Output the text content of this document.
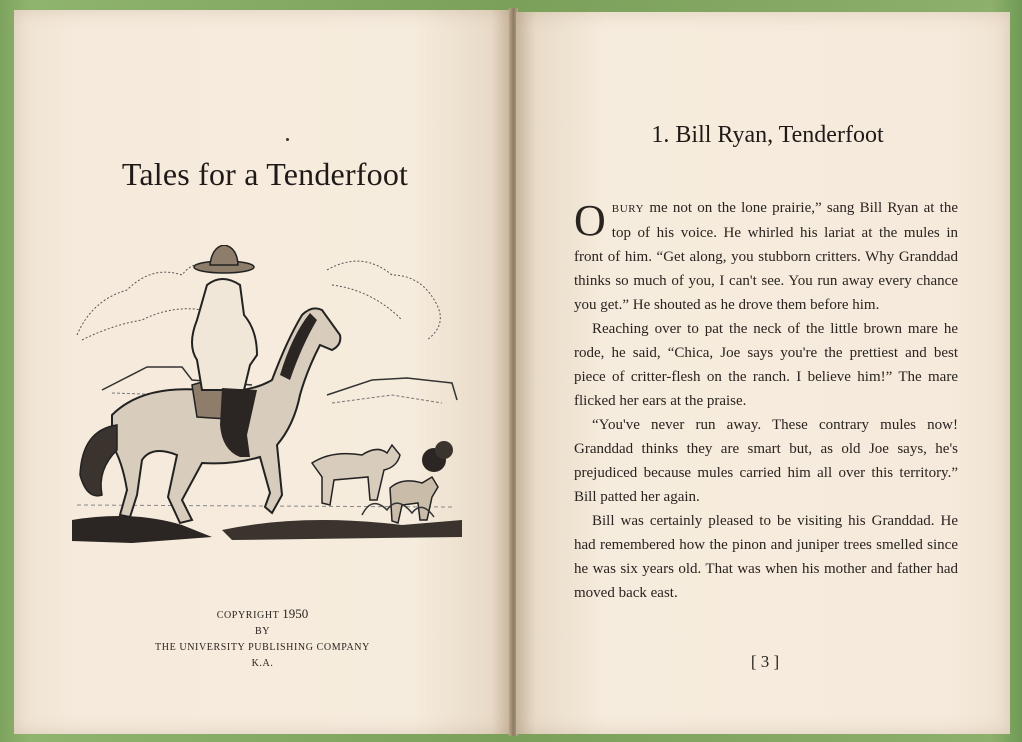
Tales for a Tenderfoot
COPYRIGHT 1950
BY
THE UNIVERSITY PUBLISHING COMPANY
K.A.
1. Bill Ryan, Tenderfoot

OBURY me not on the lone prairie,” sang Bill Ryan at the top of his voice. He whirled his lariat at the mules in front of him. “Get along, you stubborn critters. Why Granddad thinks so much of you, I can't see. You run away every chance you get.” He shouted as he drove them before him.

Reaching over to pat the neck of the little brown mare he rode, he said, “Chica, Joe says you're the prettiest and best piece of critter-flesh on the ranch. I believe him!” The mare flicked her ears at the praise.

“You've never run away. These contrary mules now! Granddad thinks they are smart but, as old Joe says, he's prejudiced because mules carried him all over this territory.” Bill patted her again.

Bill was certainly pleased to be visiting his Granddad. He had remembered how the pinon and juniper trees smelled since he was six years old. That was when his mother and father had moved back east.

[ 3 ]
